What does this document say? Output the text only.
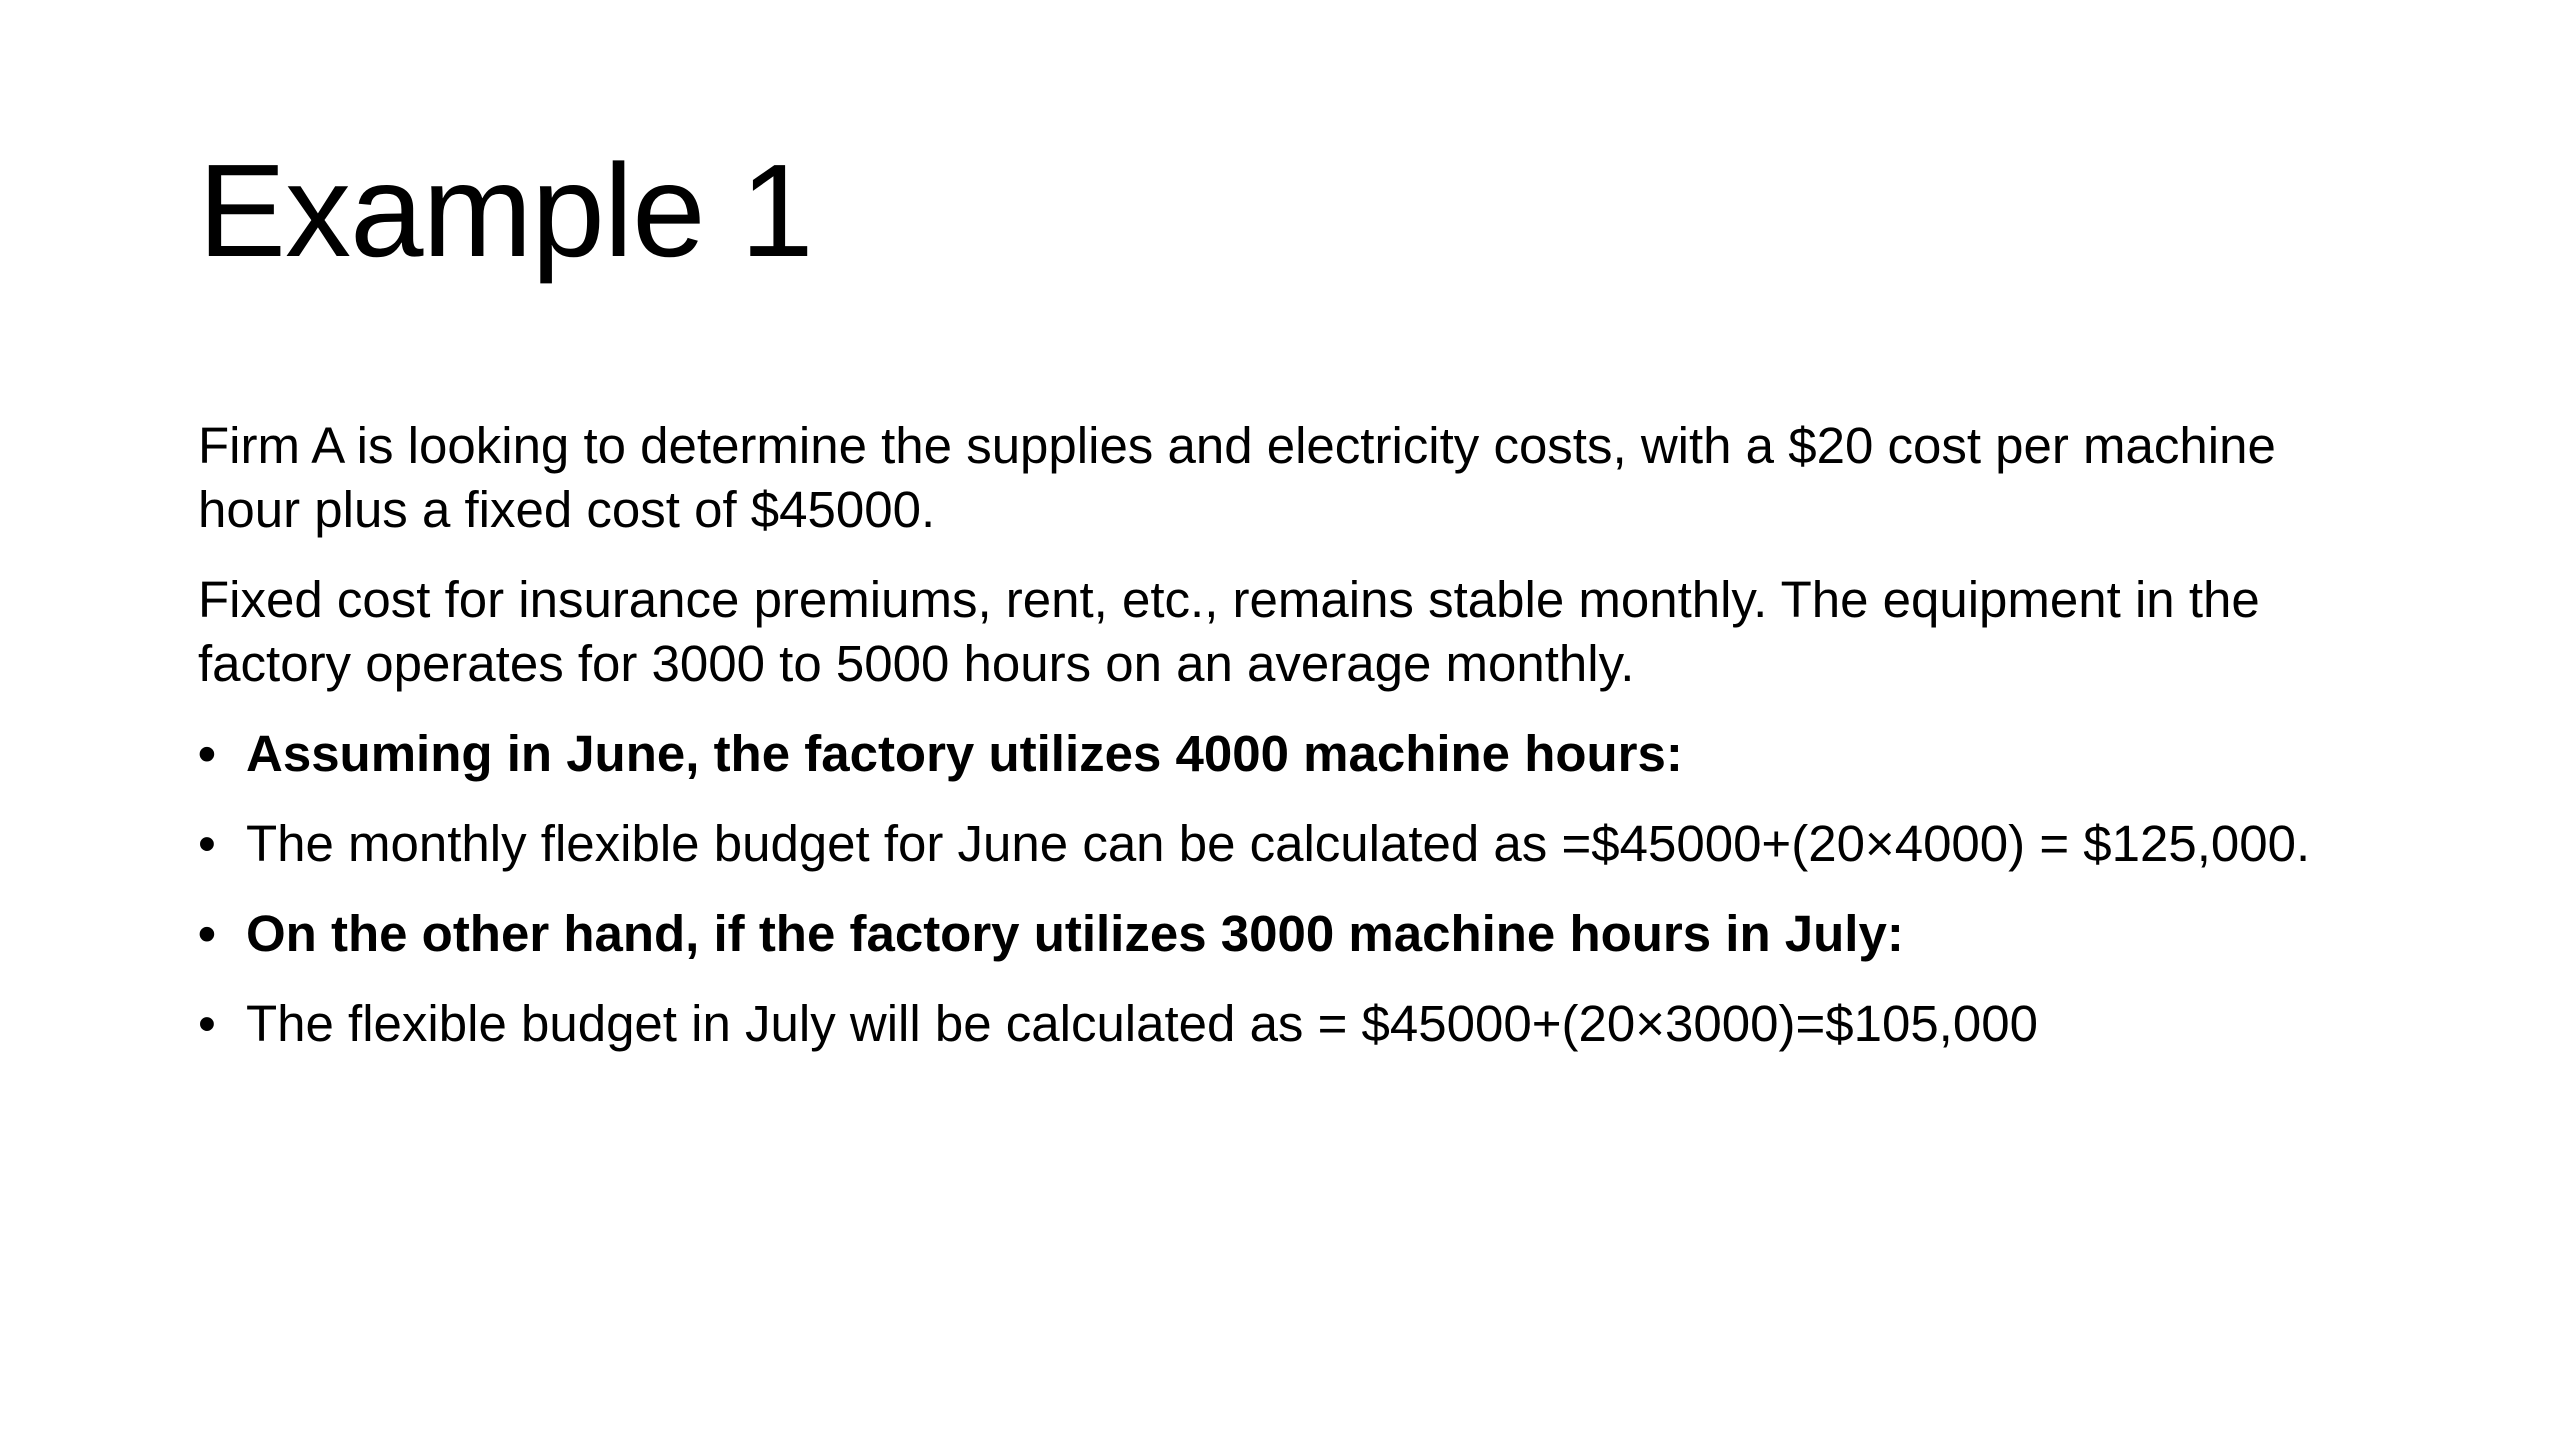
Example 1

Firm A is looking to determine the supplies and electricity costs, with a $20 cost per machine hour plus a fixed cost of $45000.

Fixed cost for insurance premiums, rent, etc., remains stable monthly. The equipment in the factory operates for 3000 to 5000 hours on an average monthly.

• Assuming in June, the factory utilizes 4000 machine hours:
• The monthly flexible budget for June can be calculated as =$45000+(20×4000) = $125,000.
• On the other hand, if the factory utilizes 3000 machine hours in July:
• The flexible budget in July will be calculated as = $45000+(20×3000)=$105,000
